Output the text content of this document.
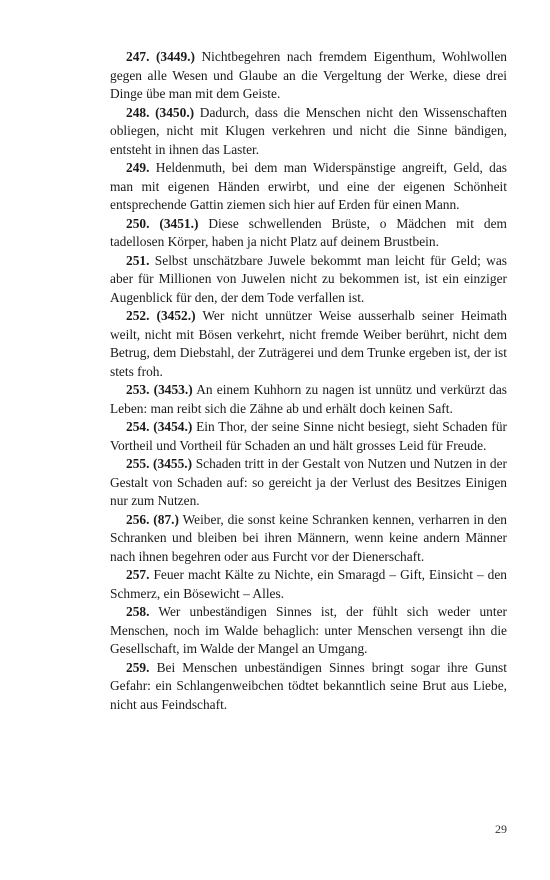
247. (3449.) Nichtbegehren nach fremdem Eigenthum, Wohlwollen gegen alle Wesen und Glaube an die Vergeltung der Werke, diese drei Dinge übe man mit dem Geiste.

248. (3450.) Dadurch, dass die Menschen nicht den Wissenschaften obliegen, nicht mit Klugen verkehren und nicht die Sinne bändigen, entsteht in ihnen das Laster.

249. Heldenmuth, bei dem man Widerspänstige angreift, Geld, das man mit eigenen Händen erwirbt, und eine der eigenen Schönheit entsprechende Gattin ziemen sich hier auf Erden für einen Mann.

250. (3451.) Diese schwellenden Brüste, o Mädchen mit dem tadellosen Körper, haben ja nicht Platz auf deinem Brustbein.

251. Selbst unschätzbare Juwele bekommt man leicht für Geld; was aber für Millionen von Juwelen nicht zu bekommen ist, ist ein einziger Augenblick für den, der dem Tode verfallen ist.

252. (3452.) Wer nicht unnützer Weise ausserhalb seiner Heimath weilt, nicht mit Bösen verkehrt, nicht fremde Weiber berührt, nicht dem Betrug, dem Diebstahl, der Zuträgerei und dem Trunke ergeben ist, der ist stets froh.

253. (3453.) An einem Kuhhorn zu nagen ist unnütz und verkürzt das Leben: man reibt sich die Zähne ab und erhält doch keinen Saft.

254. (3454.) Ein Thor, der seine Sinne nicht besiegt, sieht Schaden für Vortheil und Vortheil für Schaden an und hält grosses Leid für Freude.

255. (3455.) Schaden tritt in der Gestalt von Nutzen und Nutzen in der Gestalt von Schaden auf: so gereicht ja der Verlust des Besitzes Einigen nur zum Nutzen.

256. (87.) Weiber, die sonst keine Schranken kennen, verharren in den Schranken und bleiben bei ihren Männern, wenn keine andern Männer nach ihnen begehren oder aus Furcht vor der Dienerschaft.

257. Feuer macht Kälte zu Nichte, ein Smaragd – Gift, Einsicht – den Schmerz, ein Bösewicht – Alles.

258. Wer unbeständigen Sinnes ist, der fühlt sich weder unter Menschen, noch im Walde behaglich: unter Menschen versengt ihn die Gesellschaft, im Walde der Mangel an Umgang.

259. Bei Menschen unbeständigen Sinnes bringt sogar ihre Gunst Gefahr: ein Schlangenweibchen tödtet bekanntlich seine Brut aus Liebe, nicht aus Feindschaft.

29
